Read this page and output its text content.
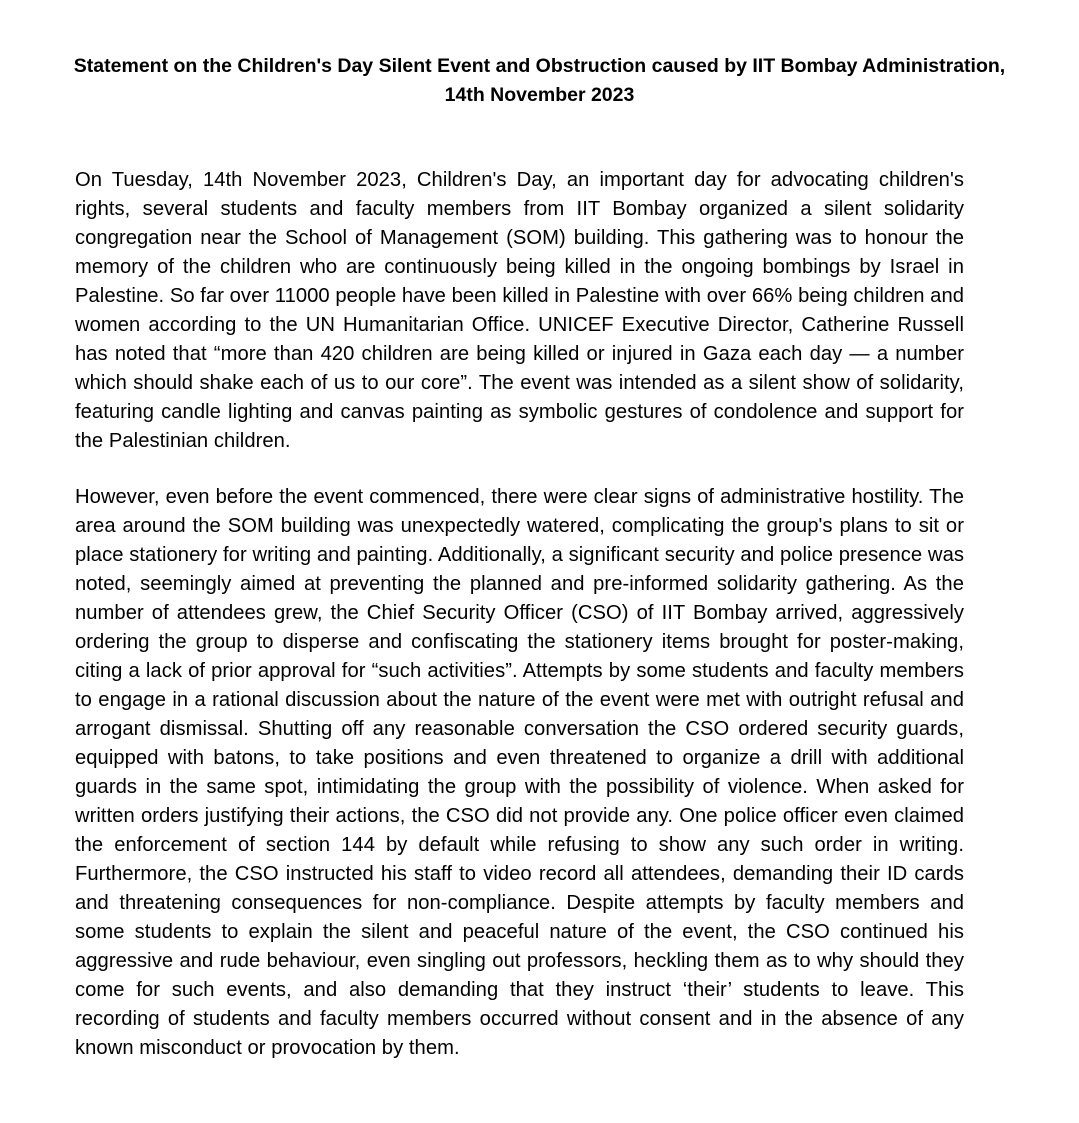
Statement on the Children's Day Silent Event and Obstruction caused by IIT Bombay Administration, 14th November 2023

On Tuesday, 14th November 2023, Children's Day, an important day for advocating children's rights, several students and faculty members from IIT Bombay organized a silent solidarity congregation near the School of Management (SOM) building. This gathering was to honour the memory of the children who are continuously being killed in the ongoing bombings by Israel in Palestine. So far over 11000 people have been killed in Palestine with over 66% being children and women according to the UN Humanitarian Office. UNICEF Executive Director, Catherine Russell has noted that “more than 420 children are being killed or injured in Gaza each day — a number which should shake each of us to our core”. The event was intended as a silent show of solidarity, featuring candle lighting and canvas painting as symbolic gestures of condolence and support for the Palestinian children.

However, even before the event commenced, there were clear signs of administrative hostility. The area around the SOM building was unexpectedly watered, complicating the group's plans to sit or place stationery for writing and painting. Additionally, a significant security and police presence was noted, seemingly aimed at preventing the planned and pre-informed solidarity gathering. As the number of attendees grew, the Chief Security Officer (CSO) of IIT Bombay arrived, aggressively ordering the group to disperse and confiscating the stationery items brought for poster-making, citing a lack of prior approval for “such activities”. Attempts by some students and faculty members to engage in a rational discussion about the nature of the event were met with outright refusal and arrogant dismissal. Shutting off any reasonable conversation the CSO ordered security guards, equipped with batons, to take positions and even threatened to organize a drill with additional guards in the same spot, intimidating the group with the possibility of violence. When asked for written orders justifying their actions, the CSO did not provide any. One police officer even claimed the enforcement of section 144 by default while refusing to show any such order in writing. Furthermore, the CSO instructed his staff to video record all attendees, demanding their ID cards and threatening consequences for non-compliance. Despite attempts by faculty members and some students to explain the silent and peaceful nature of the event, the CSO continued his aggressive and rude behaviour, even singling out professors, heckling them as to why should they come for such events, and also demanding that they instruct ‘their’ students to leave. This recording of students and faculty members occurred without consent and in the absence of any known misconduct or provocation by them.
